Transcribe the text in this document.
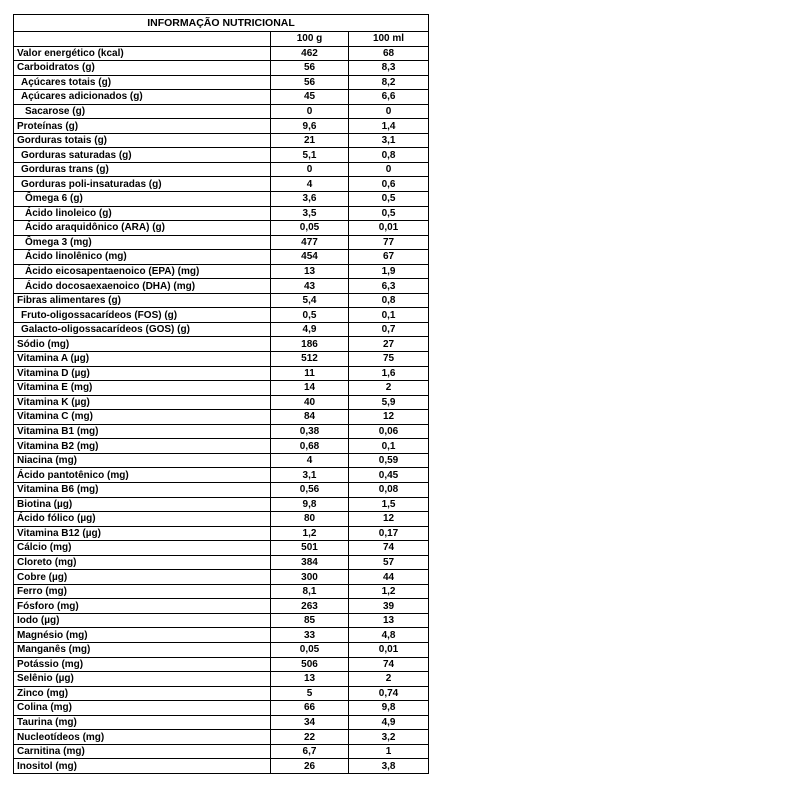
INFORMAÇÃO NUTRICIONAL		
	100 g	100 ml
Valor energético (kcal)	462	68
Carboidratos (g)	56	8,3
Açúcares totais (g)	56	8,2
Açúcares adicionados (g)	45	6,6
Sacarose (g)	0	0
Proteínas (g)	9,6	1,4
Gorduras totais (g)	21	3,1
Gorduras saturadas (g)	5,1	0,8
Gorduras trans (g)	0	0
Gorduras poli-insaturadas (g)	4	0,6
Ômega 6 (g)	3,6	0,5
Ácido linoleico (g)	3,5	0,5
Ácido araquidônico (ARA) (g)	0,05	0,01
Ômega 3 (mg)	477	77
Ácido linolênico (mg)	454	67
Ácido eicosapentaenoico (EPA) (mg)	13	1,9
Ácido docosaexaenoico (DHA) (mg)	43	6,3
Fibras alimentares (g)	5,4	0,8
Fruto-oligossacarídeos (FOS) (g)	0,5	0,1
Galacto-oligossacarídeos (GOS) (g)	4,9	0,7
Sódio (mg)	186	27
Vitamina A (µg)	512	75
Vitamina D (µg)	11	1,6
Vitamina E (mg)	14	2
Vitamina K (µg)	40	5,9
Vitamina C (mg)	84	12
Vitamina B1 (mg)	0,38	0,06
Vitamina B2 (mg)	0,68	0,1
Niacina (mg)	4	0,59
Ácido pantotênico (mg)	3,1	0,45
Vitamina B6 (mg)	0,56	0,08
Biotina (µg)	9,8	1,5
Ácido fólico (µg)	80	12
Vitamina B12 (µg)	1,2	0,17
Cálcio (mg)	501	74
Cloreto (mg)	384	57
Cobre (µg)	300	44
Ferro (mg)	8,1	1,2
Fósforo (mg)	263	39
Iodo (µg)	85	13
Magnésio (mg)	33	4,8
Manganês (mg)	0,05	0,01
Potássio (mg)	506	74
Selênio (µg)	13	2
Zinco (mg)	5	0,74
Colina (mg)	66	9,8
Taurina (mg)	34	4,9
Nucleotídeos (mg)	22	3,2
Carnitina (mg)	6,7	1
Inositol (mg)	26	3,8
